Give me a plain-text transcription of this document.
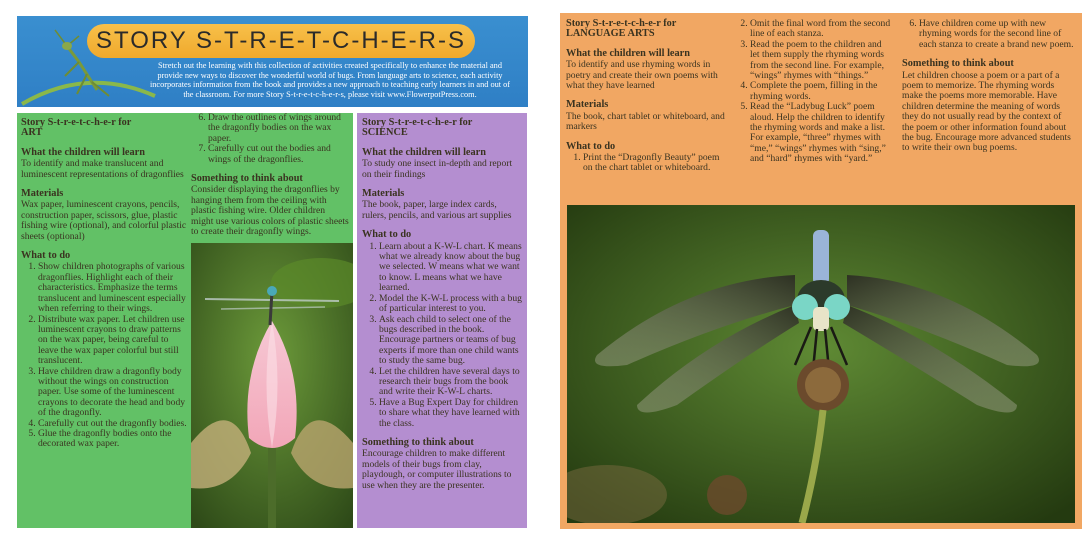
STORY S-T-R-E-T-C-H-E-R-S
Stretch out the learning with this collection of activities created specifically to enhance the material and provide new ways to discover the wonderful world of bugs. From language arts to science, each activity incorporates information from the book and provides a new approach to teaching early learners in and out of the classroom. For more Story S-t-r-e-t-c-h-e-r-s, please visit www.FlowerpotPress.com.

Story S-t-r-e-t-c-h-e-r for
ART

What the children will learn

To identify and make translucent and luminescent representations of dragonflies

Materials

Wax paper, luminescent crayons, pencils, construction paper, scissors, glue, plastic fishing wire (optional), and colorful plastic sheets (optional)

What to do

1. Show children photographs of various dragonflies. Highlight each of their characteristics. Emphasize the terms translucent and luminescent especially when referring to their wings.
2. Distribute wax paper. Let children use luminescent crayons to draw patterns on the wax paper, being careful to leave the wax paper colorful but still translucent.
3. Have children draw a dragonfly body without the wings on construction paper. Use some of the luminescent crayons to decorate the head and body of the dragonfly.
4. Carefully cut out the dragonfly bodies.
5. Glue the dragonfly bodies onto the decorated wax paper.
6. Draw the outlines of wings around the dragonfly bodies on the wax paper.
7. Carefully cut out the bodies and wings of the dragonflies.

Something to think about

Consider displaying the dragonflies by hanging them from the ceiling with plastic fishing wire. Older children might use various colors of plastic sheets to create their dragonfly wings.

Story S-t-r-e-t-c-h-e-r for
SCIENCE

What the children will learn

To study one insect in-depth and report on their findings

Materials

The book, paper, large index cards, rulers, pencils, and various art supplies

What to do

1. Learn about a K-W-L chart. K means what we already know about the bug we selected. W means what we want to know. L means what we have learned.
2. Model the K-W-L process with a bug of particular interest to you.
3. Ask each child to select one of the bugs described in the book. Encourage partners or teams of bug experts if more than one child wants to study the same bug.
4. Let the children have several days to research their bugs from the book and write their K-W-L charts.
5. Have a Bug Expert Day for children to share what they have learned with the class.

Something to think about

Encourage children to make different models of their bugs from clay, playdough, or computer illustrations to use when they are the presenter.

Story S-t-r-e-t-c-h-e-r for
LANGUAGE ARTS

What the children will learn

To identify and use rhyming words in poetry and create their own poems with what they have learned

Materials

The book, chart tablet or whiteboard, and markers

What to do

1. Print the “Dragonfly Beauty” poem on the chart tablet or whiteboard.
2. Omit the final word from the second line of each stanza.
3. Read the poem to the children and let them supply the rhyming words from the second line. For example, “wings” rhymes with “things.”
4. Complete the poem, filling in the rhyming words.
5. Read the “Ladybug Luck” poem aloud. Help the children to identify the rhyming words and make a list. For example, “three” rhymes with “me,” “wings” rhymes with “sing,” and “hard” rhymes with “yard.”
6. Have children come up with new rhyming words for the second line of each stanza to create a brand new poem.

Something to think about

Let children choose a poem or a part of a poem to memorize. The rhyming words make the poems more memorable. Have children determine the meaning of words they do not usually read by the context of the poem or other information found about the bug. Encourage more advanced students to write their own bug poems.
